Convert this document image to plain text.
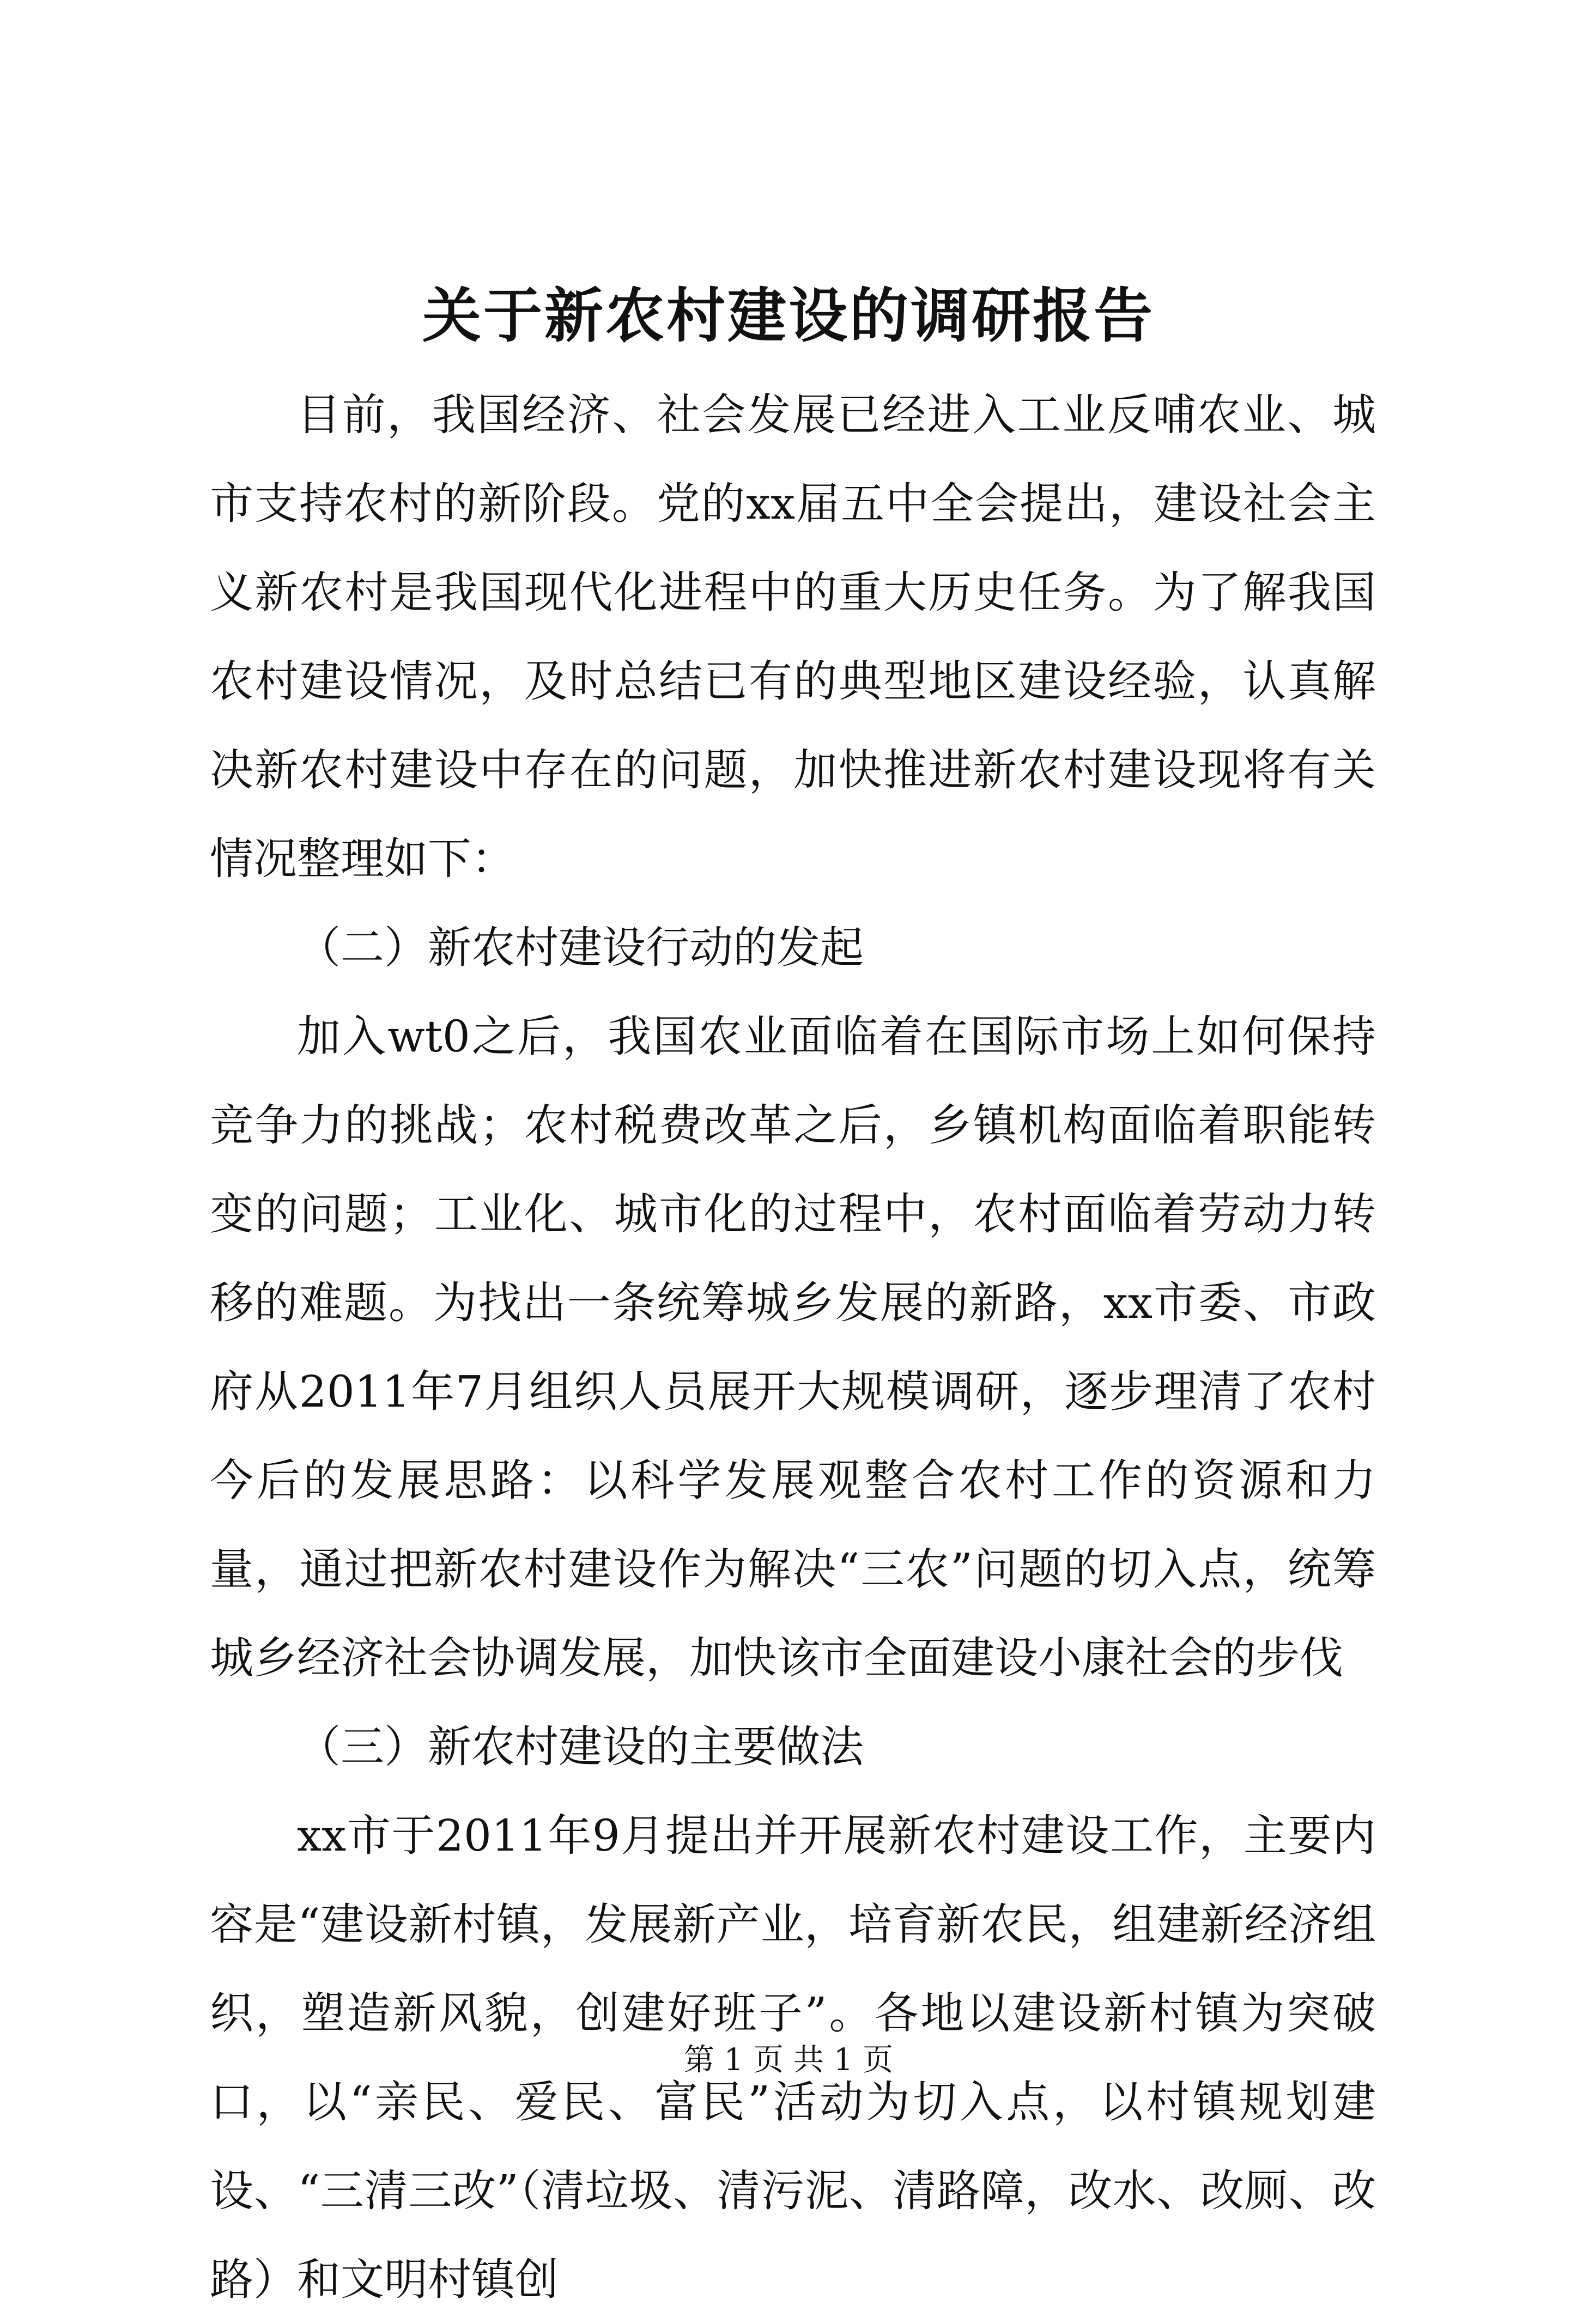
关于新农村建设的调研报告

目前，我国经济、社会发展已经进入工业反哺农业、城市支持农村的新阶段。党的xx届五中全会提出，建设社会主义新农村是我国现代化进程中的重大历史任务。为了解我国农村建设情况，及时总结已有的典型地区建设经验，认真解决新农村建设中存在的问题，加快推进新农村建设现将有关情况整理如下：

（二）新农村建设行动的发起

加入wt0之后，我国农业面临着在国际市场上如何保持竞争力的挑战；农村税费改革之后，乡镇机构面临着职能转变的问题；工业化、城市化的过程中，农村面临着劳动力转移的难题。为找出一条统筹城乡发展的新路，xx市委、市政府从2011年7月组织人员展开大规模调研，逐步理清了农村今后的发展思路：以科学发展观整合农村工作的资源和力量，通过把新农村建设作为解决“三农”问题的切入点，统筹城乡经济社会协调发展，加快该市全面建设小康社会的步伐

（三）新农村建设的主要做法

xx市于2011年9月提出并开展新农村建设工作，主要内容是“建设新村镇，发展新产业，培育新农民，组建新经济组织，塑造新风貌，创建好班子”。各地以建设新村镇为突破口，以“亲民、爱民、富民”活动为切入点，以村镇规划建设、“三清三改”（清垃圾、清污泥、清路障，改水、改厕、改路）和文明村镇创

第 1 页 共 1 页
